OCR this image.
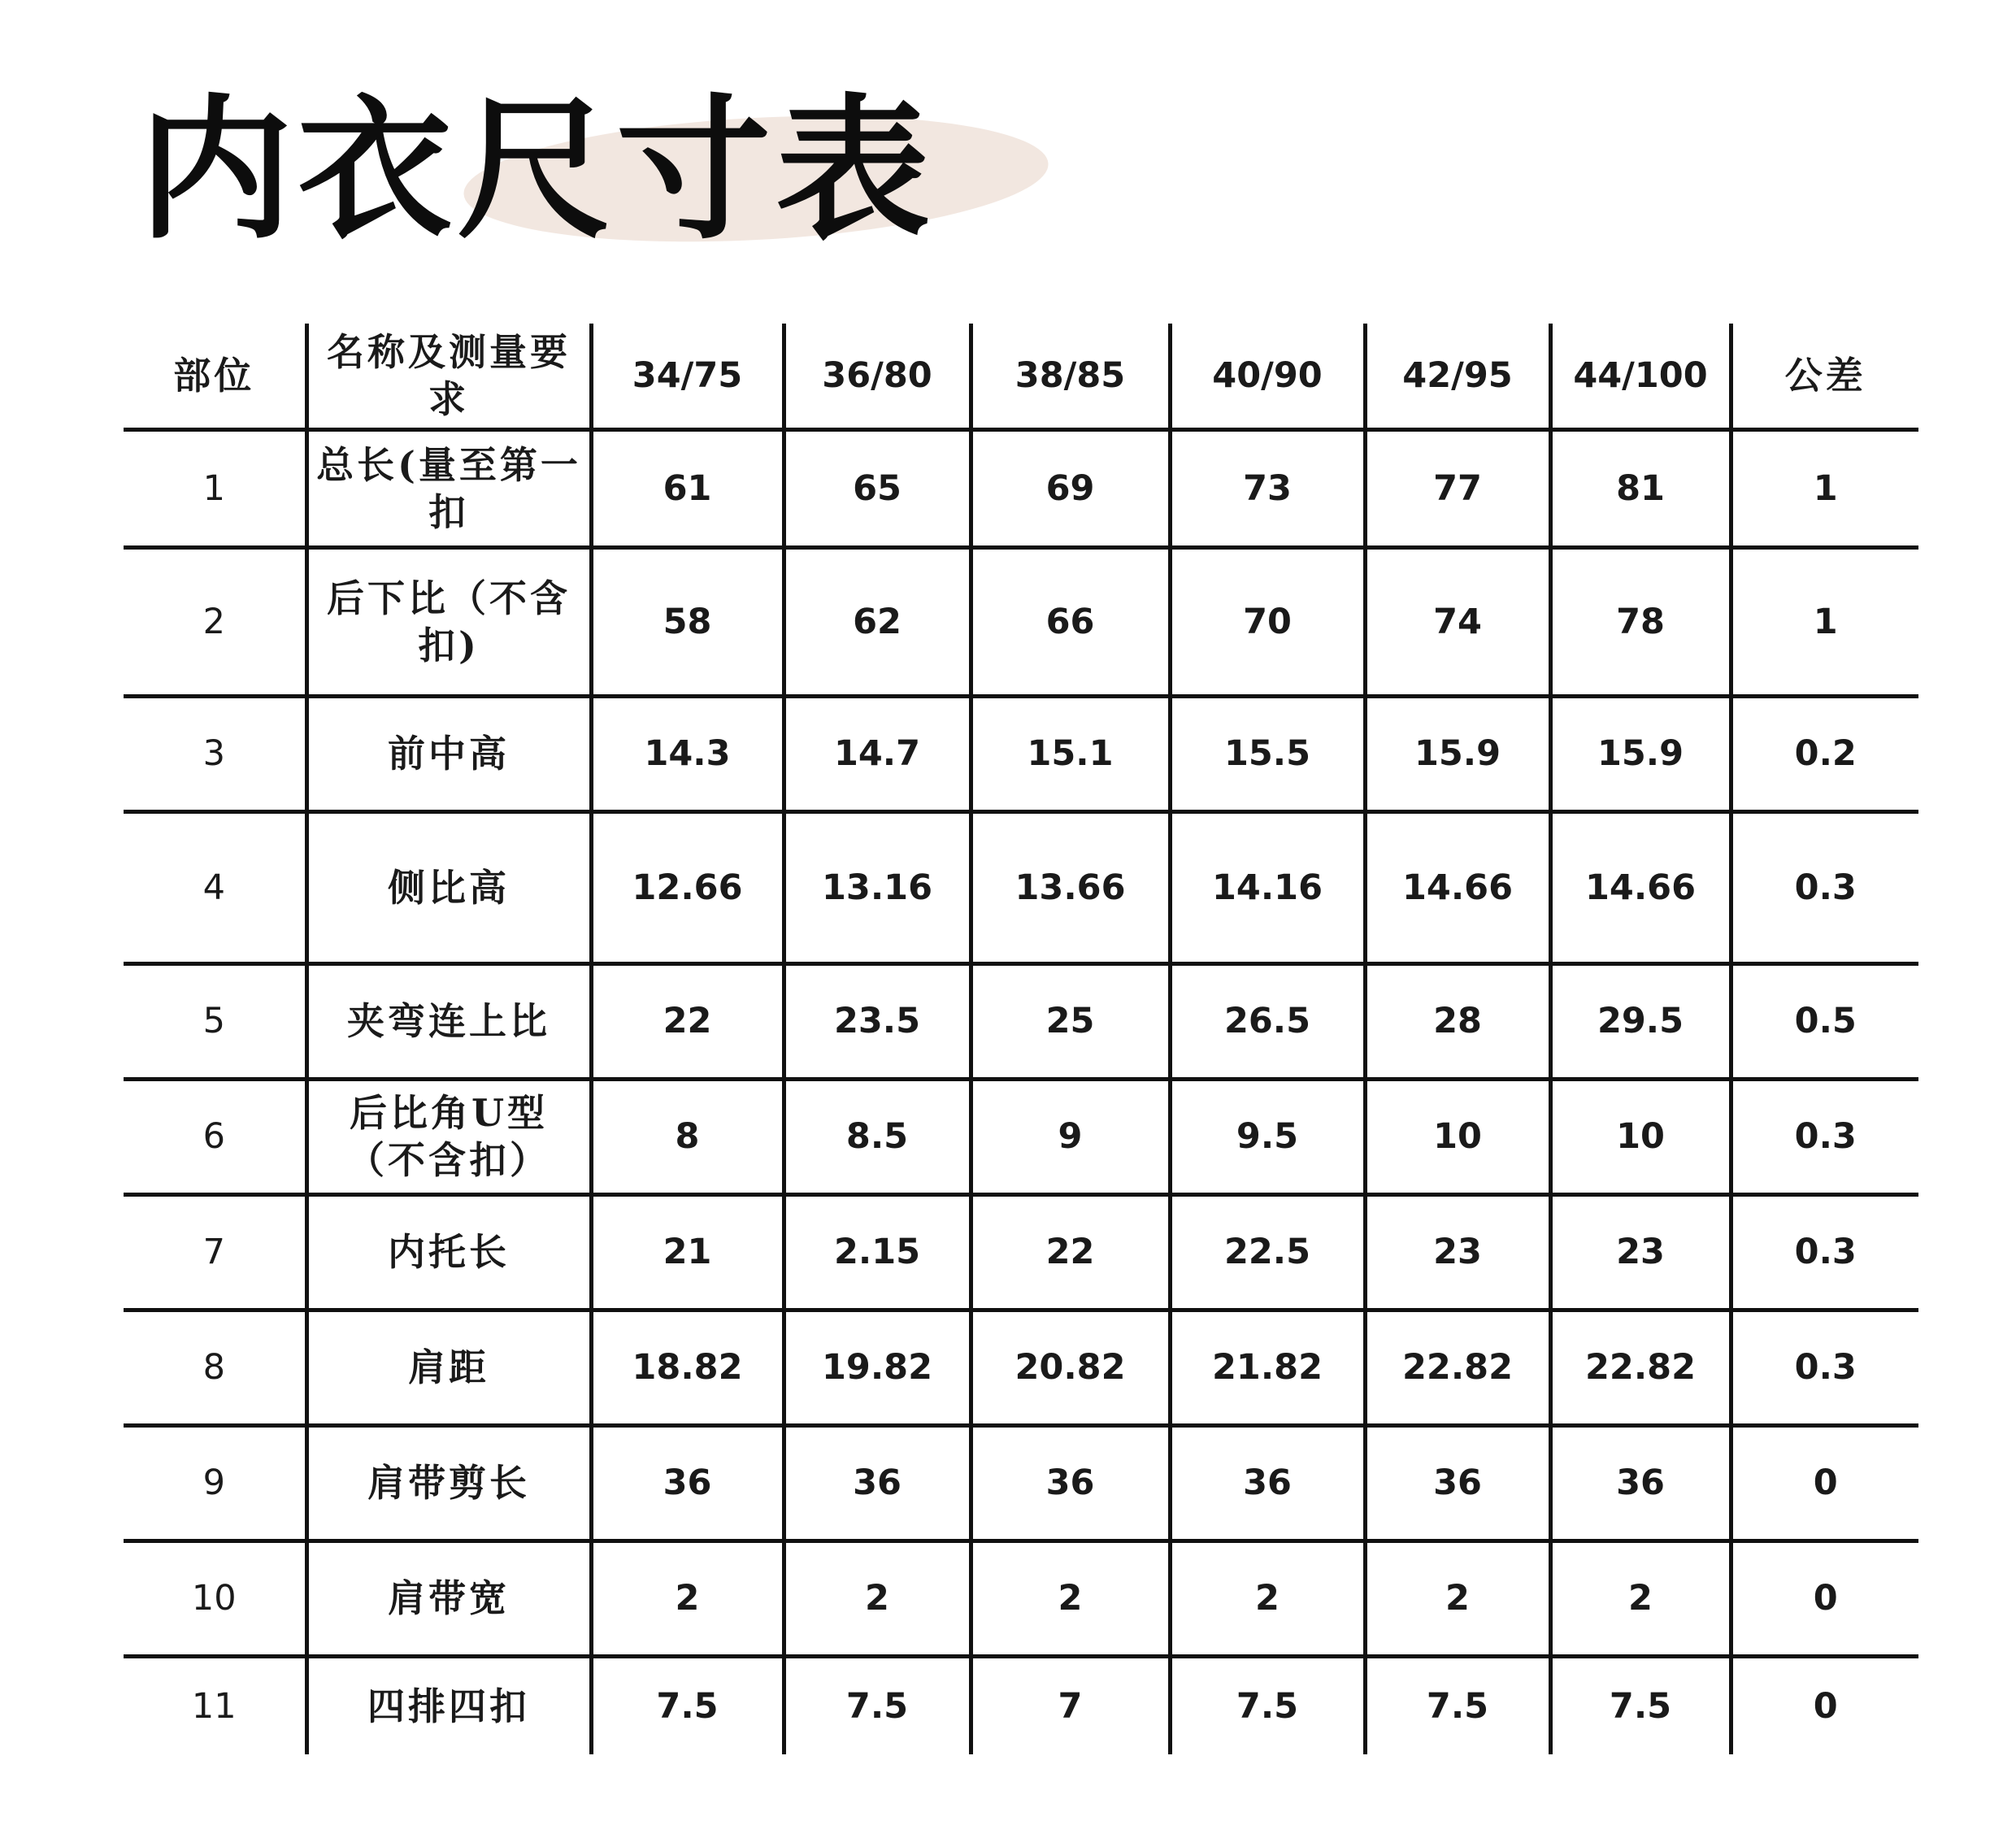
内衣尺寸表
部位	名称及测量要求	34/75	36/80	38/85	40/90	42/95	44/100	公差
1	总长(量至第一扣	61	65	69	73	77	81	1
2	后下比（不含扣)	58	62	66	70	74	78	1
3	前中高	14.3	14.7	15.1	15.5	15.9	15.9	0.2
4	侧比高	12.66	13.16	13.66	14.16	14.66	14.66	0.3
5	夹弯连上比	22	23.5	25	26.5	28	29.5	0.5
6	后比角U型（不含扣）	8	8.5	9	9.5	10	10	0.3
7	内托长	21	2.15	22	22.5	23	23	0.3
8	肩距	18.82	19.82	20.82	21.82	22.82	22.82	0.3
9	肩带剪长	36	36	36	36	36	36	0
10	肩带宽	2	2	2	2	2	2	0
11	四排四扣	7.5	7.5	7	7.5	7.5	7.5	0
